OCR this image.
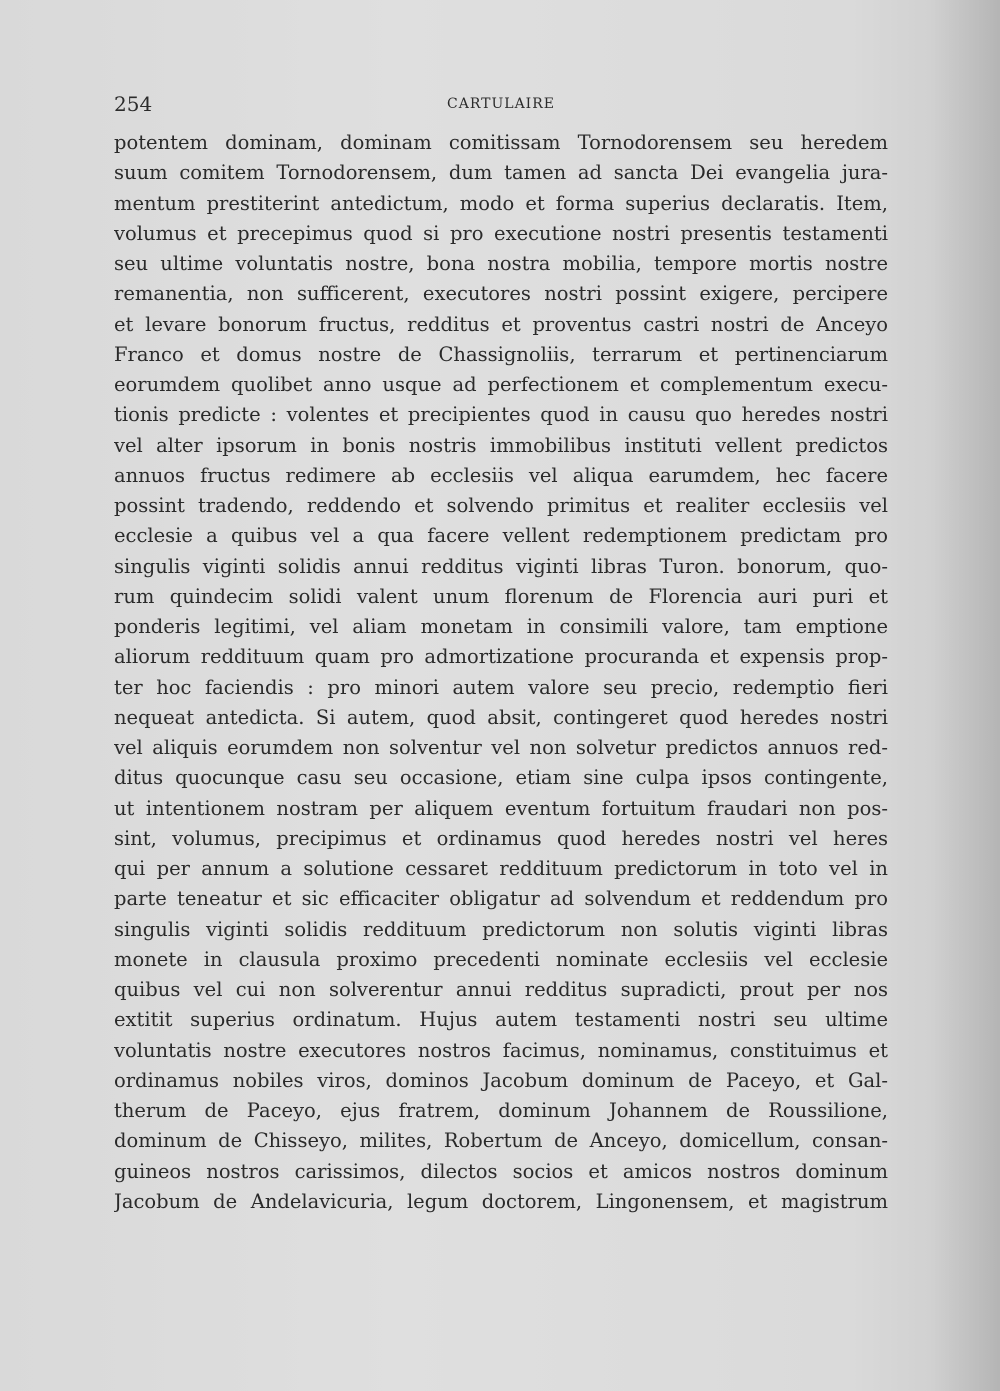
254	CARTULAIRE
potentem dominam, dominam comitissam Tornodorensem seu heredem
suum comitem Tornodorensem, dum tamen ad sancta Dei evangelia jura-
mentum prestiterint antedictum, modo et forma superius declaratis. Item,
volumus et precepimus quod si pro executione nostri presentis testamenti
seu ultime voluntatis nostre, bona nostra mobilia, tempore mortis nostre
remanentia, non sufficerent, executores nostri possint exigere, percipere
et levare bonorum fructus, redditus et proventus castri nostri de Anceyo
Franco et domus nostre de Chassignoliis, terrarum et pertinenciarum
eorumdem quolibet anno usque ad perfectionem et complementum execu-
tionis predicte : volentes et precipientes quod in causu quo heredes nostri
vel alter ipsorum in bonis nostris immobilibus instituti vellent predictos
annuos fructus redimere ab ecclesiis vel aliqua earumdem, hec facere
possint tradendo, reddendo et solvendo primitus et realiter ecclesiis vel
ecclesie a quibus vel a qua facere vellent redemptionem predictam pro
singulis viginti solidis annui redditus viginti libras Turon. bonorum, quo-
rum quindecim solidi valent unum florenum de Florencia auri puri et
ponderis legitimi, vel aliam monetam in consimili valore, tam emptione
aliorum reddituum quam pro admortizatione procuranda et expensis prop-
ter hoc faciendis : pro minori autem valore seu precio, redemptio fieri
nequeat antedicta. Si autem, quod absit, contingeret quod heredes nostri
vel aliquis eorumdem non solventur vel non solvetur predictos annuos red-
ditus quocunque casu seu occasione, etiam sine culpa ipsos contingente,
ut intentionem nostram per aliquem eventum fortuitum fraudari non pos-
sint, volumus, precipimus et ordinamus quod heredes nostri vel heres
qui per annum a solutione cessaret reddituum predictorum in toto vel in
parte teneatur et sic efficaciter obligatur ad solvendum et reddendum pro
singulis viginti solidis reddituum predictorum non solutis viginti libras
monete in clausula proximo precedenti nominate ecclesiis vel ecclesie
quibus vel cui non solverentur annui redditus supradicti, prout per nos
extitit superius ordinatum. Hujus autem testamenti nostri seu ultime
voluntatis nostre executores nostros facimus, nominamus, constituimus et
ordinamus nobiles viros, dominos Jacobum dominum de Paceyo, et Gal-
therum de Paceyo, ejus fratrem, dominum Johannem de Roussilione,
dominum de Chisseyo, milites, Robertum de Anceyo, domicellum, consan-
guineos nostros carissimos, dilectos socios et amicos nostros dominum
Jacobum de Andelavicuria, legum doctorem, Lingonensem, et magistrum
